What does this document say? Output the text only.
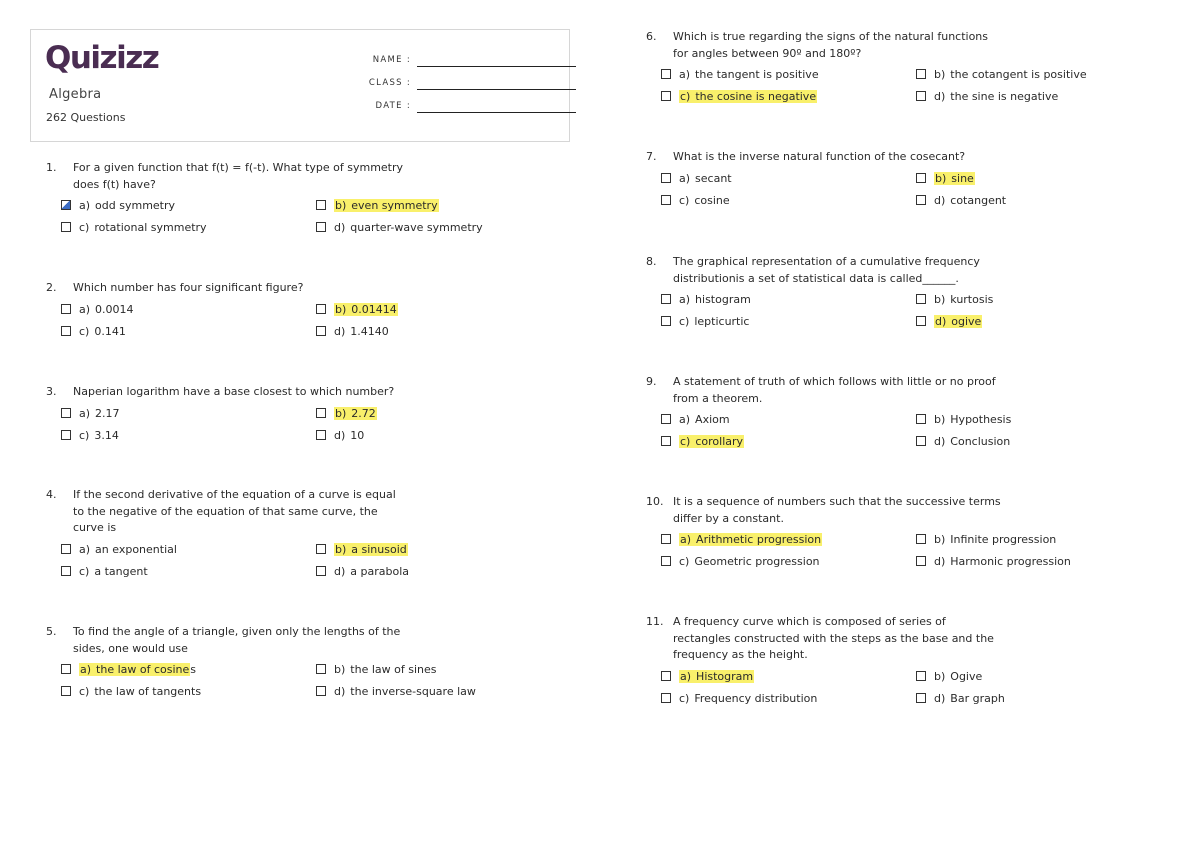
Quizizz
Algebra
262 Questions
NAME :
CLASS :
DATE :
1. For a given function that f(t) = f(-t). What type of symmetry
does f(t) have?
a) odd symmetry	b) even symmetry
c) rotational symmetry	d) quarter-wave symmetry
2. Which number has four significant figure?
a) 0.0014	b) 0.01414
c) 0.141	d) 1.4140
3. Naperian logarithm have a base closest to which number?
a) 2.17	b) 2.72
c) 3.14	d) 10
4. If the second derivative of the equation of a curve is equal
to the negative of the equation of that same curve, the
curve is
a) an exponential	b) a sinusoid
c) a tangent	d) a parabola
5. To find the angle of a triangle, given only the lengths of the
sides, one would use
a) the law of cosines	b) the law of sines
c) the law of tangents	d) the inverse-square law
6. Which is true regarding the signs of the natural functions
for angles between 90º and 180º?
a) the tangent is positive	b) the cotangent is positive
c) the cosine is negative	d) the sine is negative
7. What is the inverse natural function of the cosecant?
a) secant	b) sine
c) cosine	d) cotangent
8. The graphical representation of a cumulative frequency
distributionis a set of statistical data is called______.
a) histogram	b) kurtosis
c) lepticurtic	d) ogive
9. A statement of truth of which follows with little or no proof
from a theorem.
a) Axiom	b) Hypothesis
c) corollary	d) Conclusion
10. It is a sequence of numbers such that the successive terms
differ by a constant.
a) Arithmetic progression	b) Infinite progression
c) Geometric progression	d) Harmonic progression
11. A frequency curve which is composed of series of
rectangles constructed with the steps as the base and the
frequency as the height.
a) Histogram	b) Ogive
c) Frequency distribution	d) Bar graph
